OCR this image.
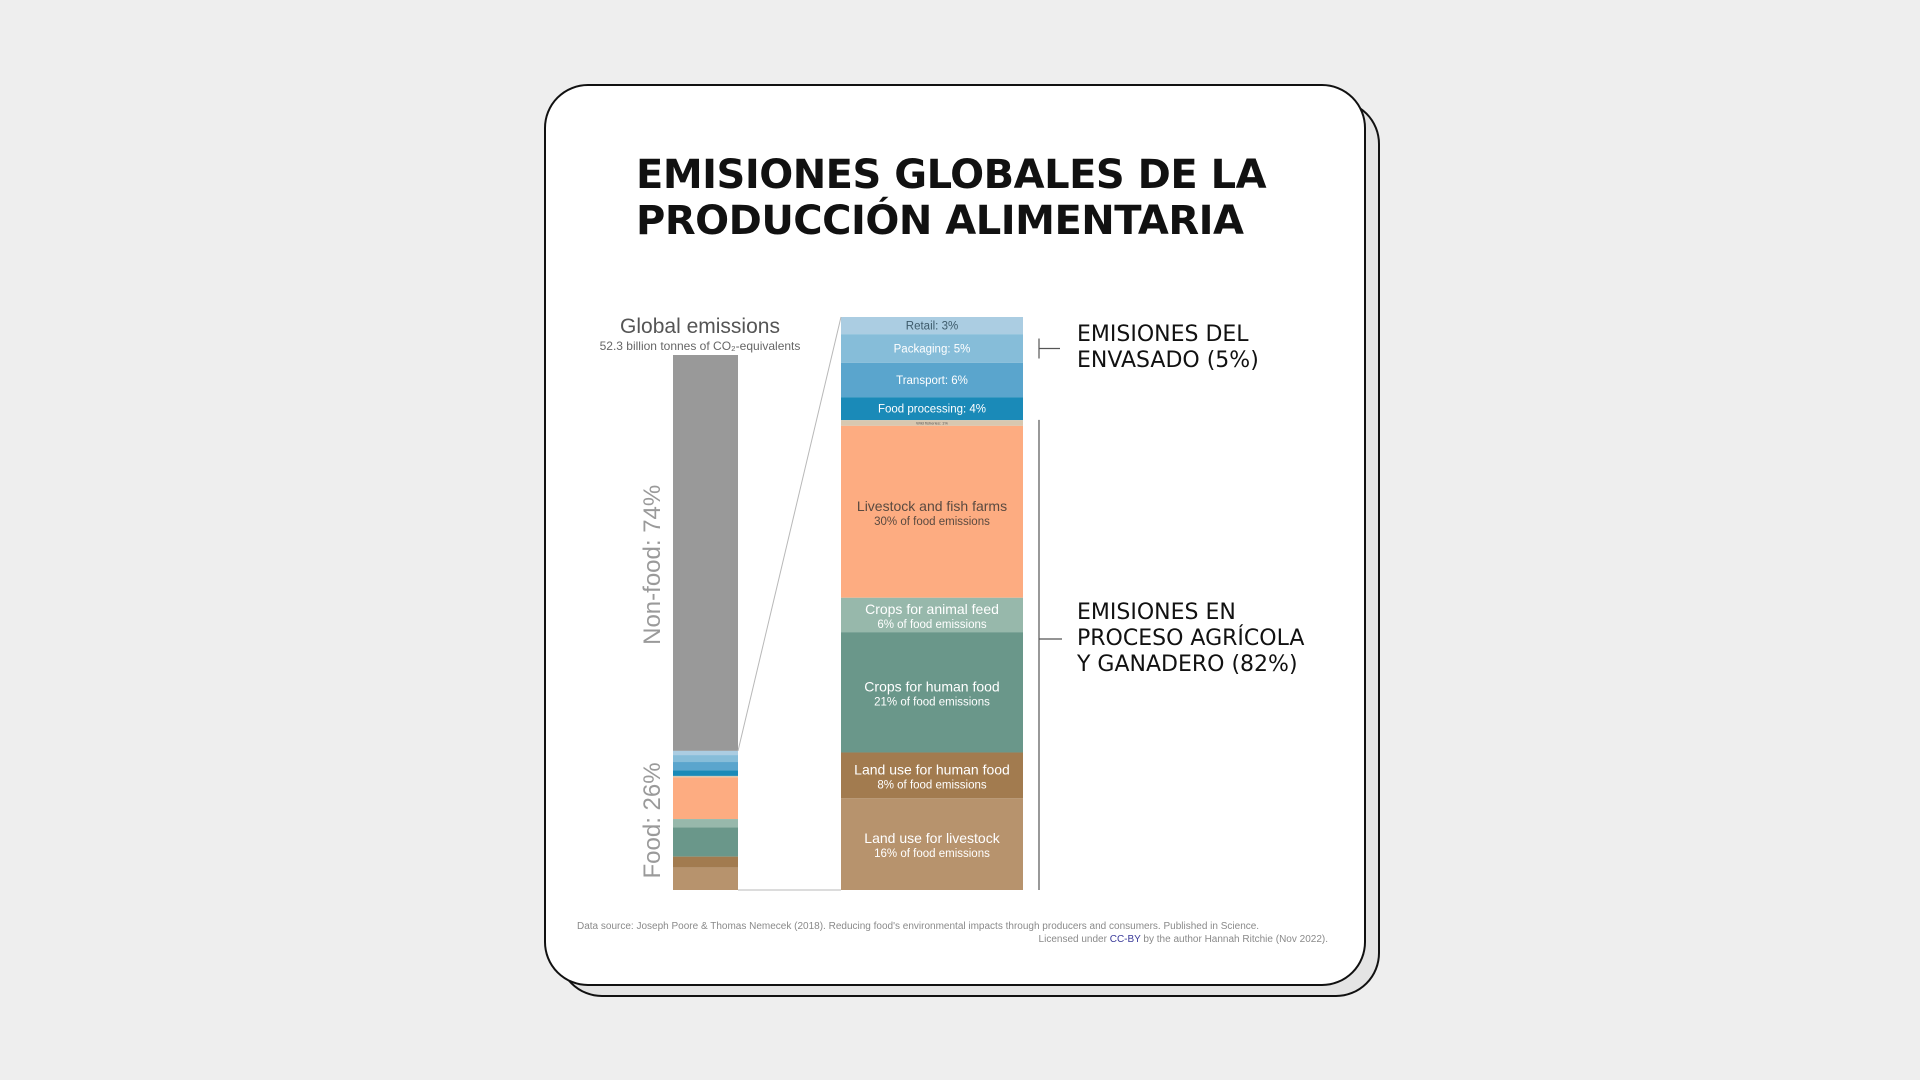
EMISIONES GLOBALES DE LA
PRODUCCIÓN ALIMENTARIA
Global emissions
52.3 billion tonnes of CO₂-equivalents
Non-food: 74%
Food: 26%
Retail: 3%
Packaging: 5%
Transport: 6%
Food processing: 4%
Wild fisheries: 1%
Livestock and fish farms
30% of food emissions
Crops for animal feed
6% of food emissions
Crops for human food
21% of food emissions
Land use for human food
8% of food emissions
Land use for livestock
16% of food emissions

EMISIONES DEL
ENVASADO (5%)

EMISIONES EN
PROCESO AGRÍCOLA
Y GANADERO (82%)

Data source: Joseph Poore & Thomas Nemecek (2018). Reducing food's environmental impacts through producers and consumers. Published in Science.
Licensed under CC-BY by the author Hannah Ritchie (Nov 2022).
